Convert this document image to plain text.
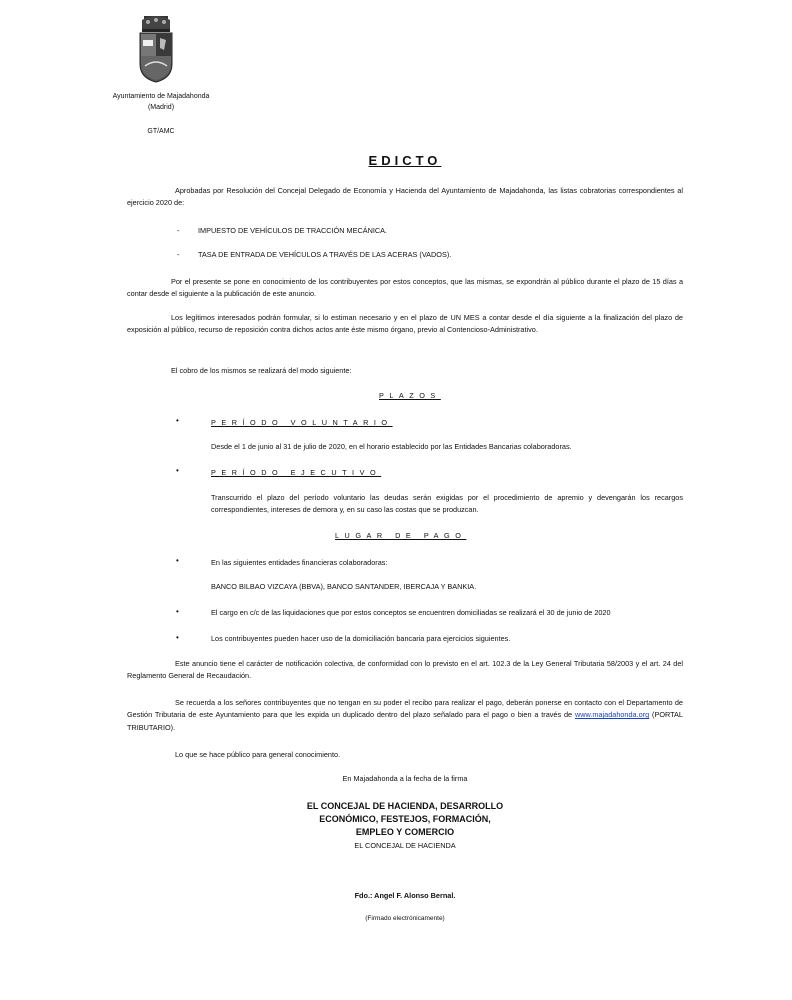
Ayuntamiento de Majadahonda
(Madrid)
GT/AMC
EDICTO

Aprobadas por Resolución del Concejal Delegado de Economía y Hacienda del Ayuntamiento de Majadahonda, las listas cobratorias correspondientes al ejercicio 2020 de:

-	IMPUESTO DE VEHÍCULOS DE TRACCIÓN MECÁNICA.
-	TASA DE ENTRADA DE VEHÍCULOS A TRAVÉS DE LAS ACERAS (VADOS).

Por el presente se pone en conocimiento de los contribuyentes por estos conceptos, que las mismas, se expondrán al público durante el plazo de 15 días a contar desde el siguiente a la publicación de este anuncio.

Los legítimos interesados podrán formular, si lo estiman necesario y en el plazo de UN MES a contar desde el día siguiente a la finalización del plazo de exposición al público, recurso de reposición contra dichos actos ante éste mismo órgano, previo al Contencioso-Administrativo.

El cobro de los mismos se realizará del modo siguiente:

PLAZOS
•	PERÍODO VOLUNTARIO

Desde el 1 de junio al 31 de julio de 2020, en el horario establecido por las Entidades Bancarias colaboradoras.

•	PERÍODO EJECUTIVO

Transcurrido el plazo del período voluntario las deudas serán exigidas por el procedimiento de apremio y devengarán los recargos correspondientes, intereses de demora y, en su caso las costas que se produzcan.

LUGAR DE PAGO
•	En las siguientes entidades financieras colaboradoras:

BANCO BILBAO VIZCAYA (BBVA), BANCO SANTANDER, IBERCAJA Y BANKIA.

•	El cargo en c/c de las liquidaciones que por estos conceptos se encuentren domiciliadas se realizará el 30 de junio de 2020

•	Los contribuyentes pueden hacer uso de la domiciliación bancaria para ejercicios siguientes.

Este anuncio tiene el carácter de notificación colectiva, de conformidad con lo previsto en el art. 102.3 de la Ley General Tributaria 58/2003 y el art. 24 del Reglamento General de Recaudación.

Se recuerda a los señores contribuyentes que no tengan en su poder el recibo para realizar el pago, deberán ponerse en contacto con el Departamento de Gestión Tributaria de este Ayuntamiento para que les expida un duplicado dentro del plazo señalado para el pago o bien a través de www.majadahonda.org (PORTAL TRIBUTARIO).

Lo que se hace público para general conocimiento.

En Majadahonda a la fecha de la firma
EL CONCEJAL DE HACIENDA, DESARROLLO
ECONÓMICO, FESTEJOS, FORMACIÓN,
EMPLEO Y COMERCIO
EL CONCEJAL DE HACIENDA
Fdo.: Angel F. Alonso Bernal.
(Firmado electrónicamente)
